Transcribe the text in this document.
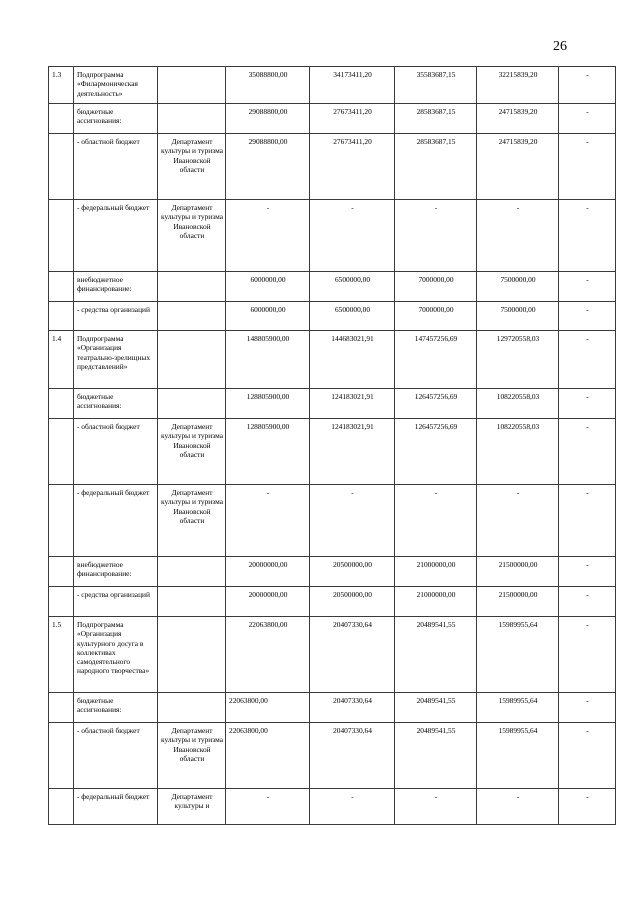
26
1.3	Подпрограмма «Филармоническая деятельность»		35088800,00	34173411,20	35583687,15	32215839,20	-
	бюджетные ассигнования:		29088800,00	27673411,20	28583687,15	24715839,20	-
	- областной бюджет	Департамент культуры и туризма Ивановской области	29088800,00	27673411,20	28583687,15	24715839,20	-
	- федеральный бюджет	Департамент культуры и туризма Ивановской области	-	-	-	-	-
	внебюджетное финансирование:		6000000,00	6500000,00	7000000,00	7500000,00	-
	- средства организаций		6000000,00	6500000,00	7000000,00	7500000,00	-
1.4	Подпрограмма «Организация театрально-зрелищных представлений»		148805900,00	144683021,91	147457256,69	129720558,03	-
	бюджетные ассигнования:		128805900,00	124183021,91	126457256,69	108220558,03	-
	- областной бюджет	Департамент культуры и туризма Ивановской области	128805900,00	124183021,91	126457256,69	108220558,03	-
	- федеральный бюджет	Департамент культуры и туризма Ивановской области	-	-	-	-	-
	внебюджетное финансирование:		20000000,00	20500000,00	21000000,00	21500000,00	-
	- средства организаций		20000000,00	20500000,00	21000000,00	21500000,00	-
1.5	Подпрограмма «Организация культурного досуга в коллективах самодеятельного народного творчества»		22063800,00	20407330,64	20489541,55	15989955,64	-
	бюджетные ассигнования:		22063800,00	20407330,64	20489541,55	15989955,64	-
	- областной бюджет	Департамент культуры и туризма Ивановской области	22063800,00	20407330,64	20489541,55	15989955,64	-
	- федеральный бюджет	Департамент культуры и	-	-	-	-	-
